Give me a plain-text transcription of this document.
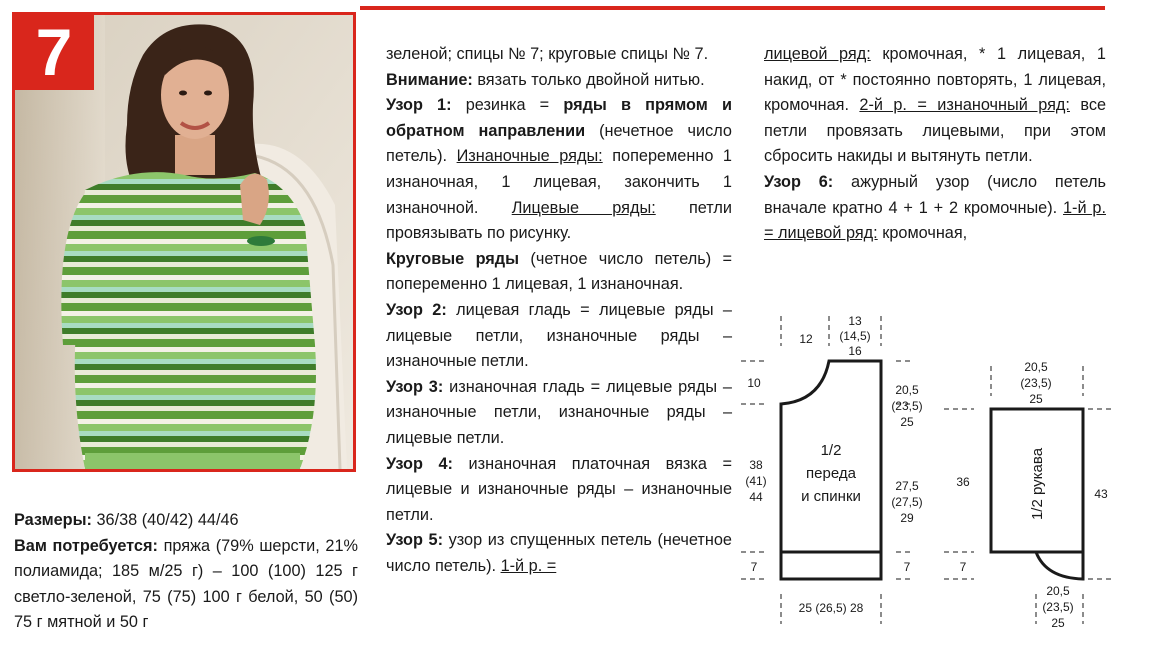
7

Размеры: 36/38 (40/42) 44/46

Вам потребуется: пряжа (79% шерсти, 21% полиамида; 185 м/25 г) – 100 (100) 125 г светло-зеленой, 75 (75) 100 г белой, 50 (50) 75 г мятной и 50 г

зеленой; спицы № 7; круговые спицы № 7.

Внимание: вязать только двойной нитью.

Узор 1: резинка = ряды в прямом и обратном направлении (нечетное число петель). Изнаночные ряды: попеременно 1 изнаночная, 1 лицевая, закончить 1 изнаночной. Лицевые ряды: петли провязывать по рисунку.

Круговые ряды (четное число петель) = попеременно 1 лицевая, 1 изнаночная.

Узор 2: лицевая гладь = лицевые ряды – лицевые петли, изнаночные ряды – изнаночные петли.

Узор 3: изнаночная гладь = лицевые ряды – изнаночные петли, изнаночные ряды – лицевые петли.

Узор 4: изнаночная платочная вязка = лицевые и изнаночные ряды – изнаночные петли.

Узор 5: узор из спущенных петель (нечетное число петель). 1-й р. =

лицевой ряд: кромочная, * 1 лицевая, 1 накид, от * постоянно повторять, 1 лицевая, кромочная. 2-й р. = изнаночный ряд: все петли провязать лицевыми, при этом сбросить накиды и вытянуть петли.

Узор 6: ажурный узор (число петель вначале кратно 4 + 1 + 2 кромочные). 1-й р. = лицевой ряд: кромочная,

1/2
переда
и спинки
12
13
(14,5)
16
10	20,5
(23,5)
25
38
(41)
44
27,5
(27,5)
29
7	7
25 (26,5) 28
1/2 рукава
20,5
(23,5)
25
36
43
7
20,5
(23,5)
25
